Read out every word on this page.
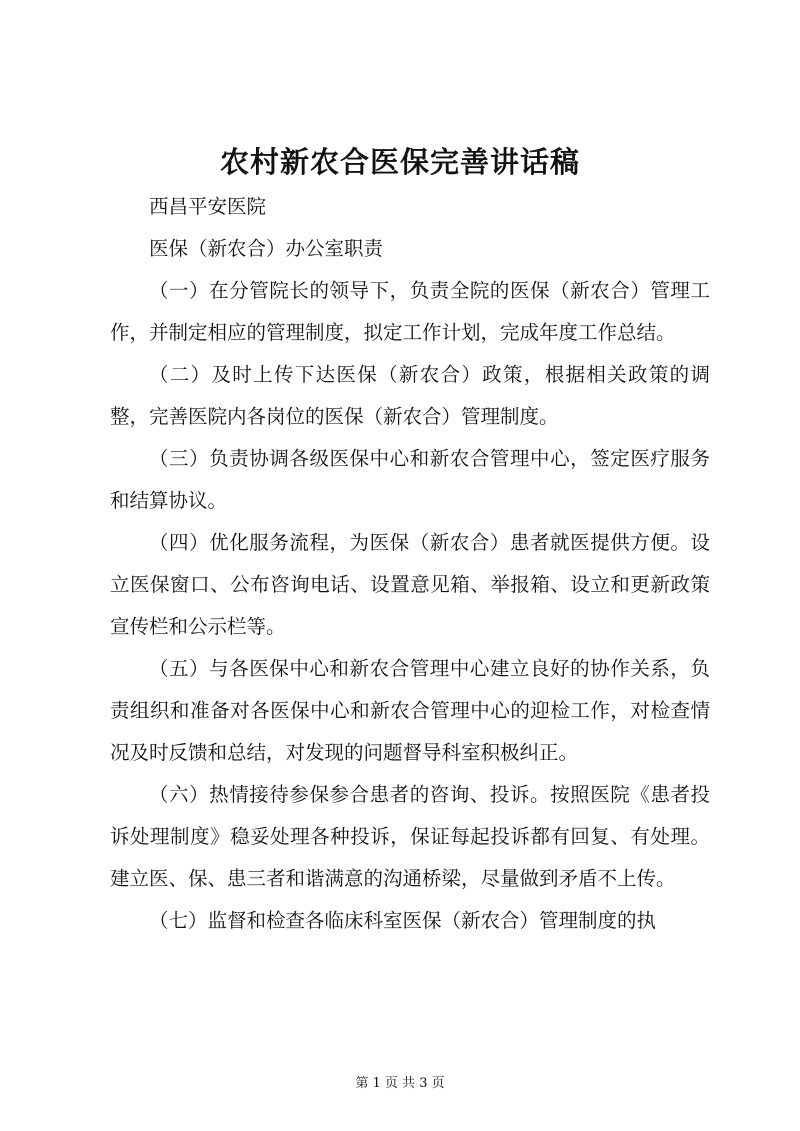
农村新农合医保完善讲话稿

西昌平安医院

医保（新农合）办公室职责

（一）在分管院长的领导下，负责全院的医保（新农合）管理工作，并制定相应的管理制度，拟定工作计划，完成年度工作总结。

（二）及时上传下达医保（新农合）政策，根据相关政策的调整，完善医院内各岗位的医保（新农合）管理制度。

（三）负责协调各级医保中心和新农合管理中心，签定医疗服务和结算协议。

（四）优化服务流程，为医保（新农合）患者就医提供方便。设立医保窗口、公布咨询电话、设置意见箱、举报箱、设立和更新政策宣传栏和公示栏等。

（五）与各医保中心和新农合管理中心建立良好的协作关系，负责组织和准备对各医保中心和新农合管理中心的迎检工作，对检查情况及时反馈和总结，对发现的问题督导科室积极纠正。

（六）热情接待参保参合患者的咨询、投诉。按照医院《患者投诉处理制度》稳妥处理各种投诉，保证每起投诉都有回复、有处理。建立医、保、患三者和谐满意的沟通桥梁，尽量做到矛盾不上传。

（七）监督和检查各临床科室医保（新农合）管理制度的执

第 1 页 共 3 页
